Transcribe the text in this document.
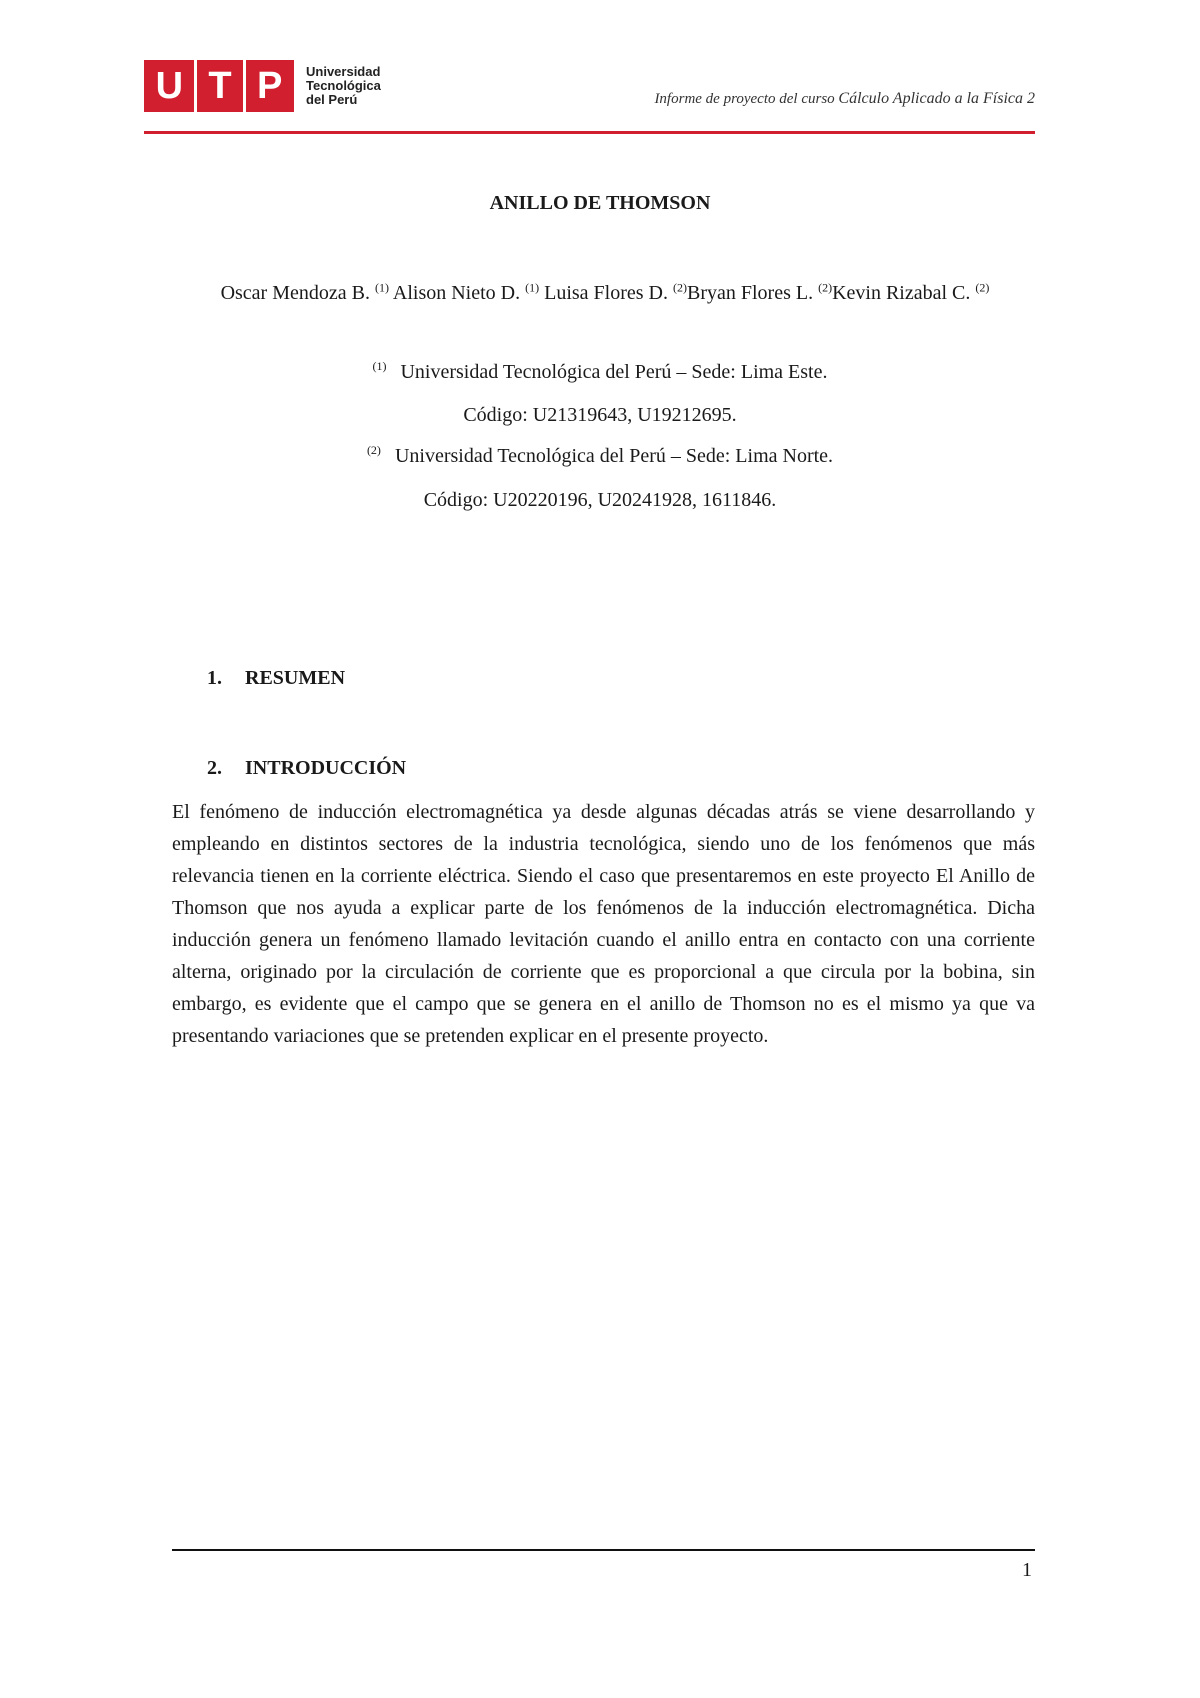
U T P Universidad
Tecnológica
del Perú	Informe de proyecto del curso Cálculo Aplicado a la Física 2
ANILLO DE THOMSON
Oscar Mendoza B. $^{(1)}$ Alison Nieto D. $^{(1)}$ Luisa Flores D. $^{(2)}$Bryan Flores L. $^{(2)}$Kevin Rizabal C. $^{(2)}$
$^{(1)}$ Universidad Tecnológica del Perú – Sede: Lima Este.
Código: U21319643, U19212695.
$^{(2)}$ Universidad Tecnológica del Perú – Sede: Lima Norte.
Código: U20220196, U20241928, 1611846.
1. RESUMEN
2. INTRODUCCIÓN
El fenómeno de inducción electromagnética ya desde algunas décadas atrás se viene desarrollando y empleando en distintos sectores de la industria tecnológica, siendo uno de los fenómenos que más relevancia tienen en la corriente eléctrica. Siendo el caso que presentaremos en este proyecto El Anillo de Thomson que nos ayuda a explicar parte de los fenómenos de la inducción electromagnética. Dicha inducción genera un fenómeno llamado levitación cuando el anillo entra en contacto con una corriente alterna, originado por la circulación de corriente que es proporcional a que circula por la bobina, sin embargo, es evidente que el campo que se genera en el anillo de Thomson no es el mismo ya que va presentando variaciones que se pretenden explicar en el presente proyecto.
1
